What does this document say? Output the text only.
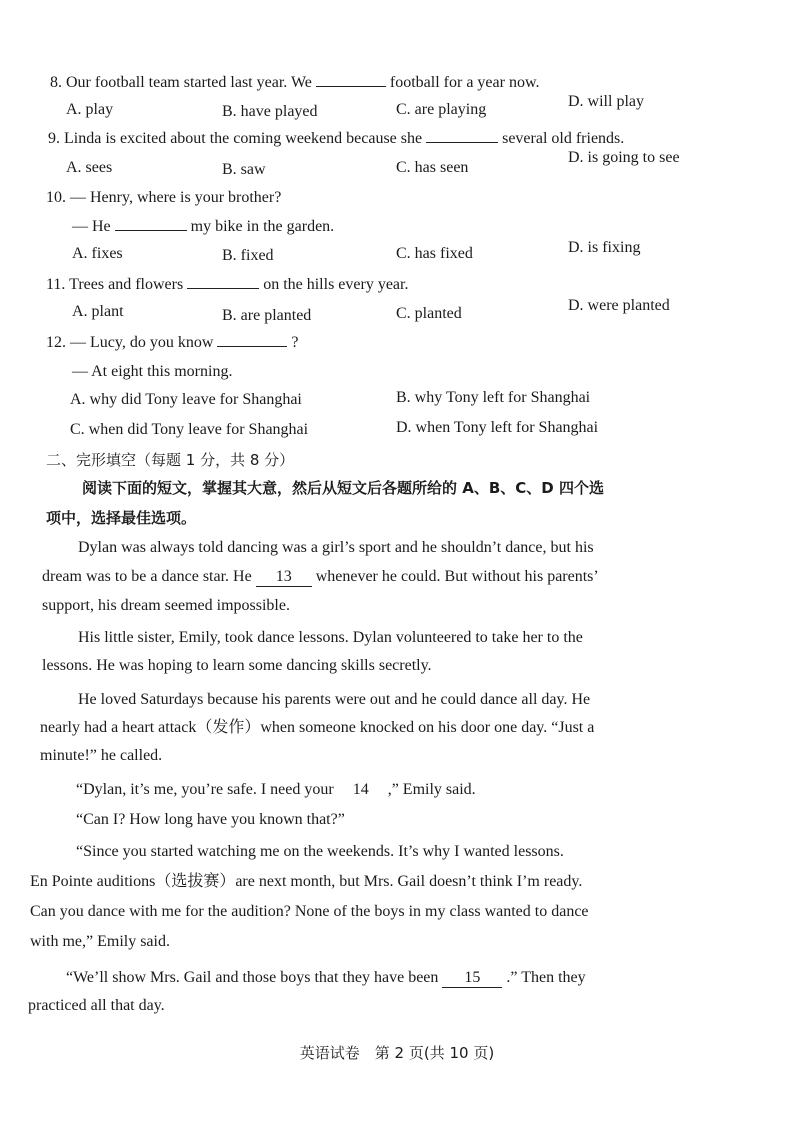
8. Our football team started last year. We	football for a year now.
A. play	B. have played	C. are playing	D. will play
9. Linda is excited about the coming weekend because she	several old friends.
A. sees	B. saw	C. has seen
D. is going to see
10. — Henry, where is your brother?
— He	my bike in the garden.
A. fixes	B. fixed	C. has fixed	D. is fixing
11. Trees and flowers	on the hills every year.
A. plant	B. are planted	C. planted	D. were planted
12. — Lucy, do you know	?
— At eight this morning.
A. why did Tony leave for Shanghai	B. why Tony left for Shanghai
C. when did Tony leave for Shanghai	D. when Tony left for Shanghai
二、完形填空（每题 1 分，共 8 分）
阅读下面的短文，掌握其大意，然后从短文后各题所给的 A、B、C、D 四个选
项中，选择最佳选项。
Dylan was always told dancing was a girl’s sport and he shouldn’t dance, but his
dream was to be a dance star. He 13 whenever he could. But without his parents’
support, his dream seemed impossible.
His little sister, Emily, took dance lessons. Dylan volunteered to take her to the
lessons. He was hoping to learn some dancing skills secretly.
He loved Saturdays because his parents were out and he could dance all day. He
nearly had a heart attack（发作）when someone knocked on his door one day. “Just a
minute!” he called.
“Dylan, it’s me, you’re safe. I need your 14 ,” Emily said.
“Can I? How long have you known that?”
“Since you started watching me on the weekends. It’s why I wanted lessons.
En Pointe auditions（选拔赛）are next month, but Mrs. Gail doesn’t think I’m ready.
Can you dance with me for the audition? None of the boys in my class wanted to dance
with me,” Emily said.
“We’ll show Mrs. Gail and those boys that they have been 15 .” Then they
practiced all that day.
英语试卷　第 2 页(共 10 页)
